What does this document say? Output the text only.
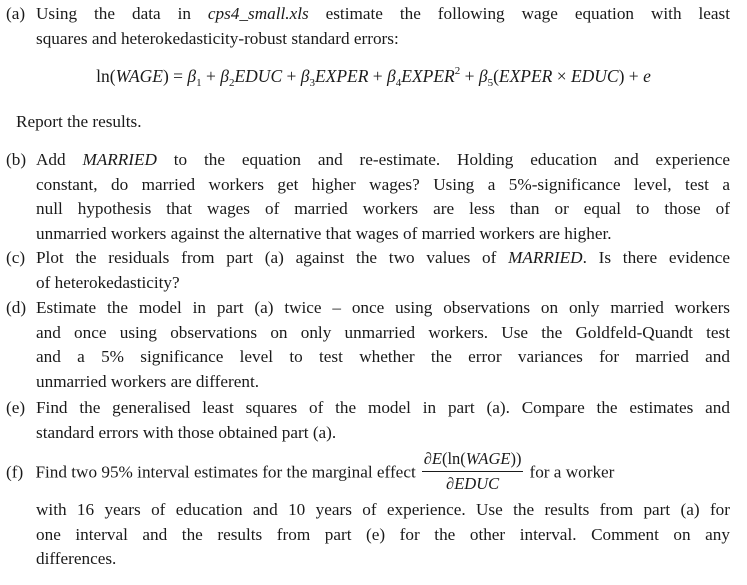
(a) Using the data in cps4_small.xls estimate the following wage equation with least
squares and heterokedasticity-robust standard errors:
ln(WAGE) = $\beta_1$ + $\beta_2EDUC$ + $\beta_3EXPER$ + $\beta_4EXPER^2$ + $\beta_5(EXPER$ × EDUC) + e
Report the results.
(b) Add MARRIED to the equation and re-estimate. Holding education and experience
constant, do married workers get higher wages? Using a 5%-significance level, test a
null hypothesis that wages of married workers are less than or equal to those of
unmarried workers against the alternative that wages of married workers are higher.
(c) Plot the residuals from part (a) against the two values of MARRIED. Is there evidence
of heterokedasticity?
(d) Estimate the model in part (a) twice – once using observations on only married workers
and once using observations on only unmarried workers. Use the Goldfeld-Quandt test
and a 5% significance level to test whether the error variances for married and
unmarried workers are different.
(e) Find the generalised least squares of the model in part (a). Compare the estimates and
standard errors with those obtained part (a).
(f) Find two 95% interval estimates for the marginal effect $\frac{\text{∂E(ln(WAGE))}}{\text{∂EDUC}}$ for a worker
with 16 years of education and 10 years of experience. Use the results from part (a) for
one interval and the results from part (e) for the other interval. Comment on any
differences.
